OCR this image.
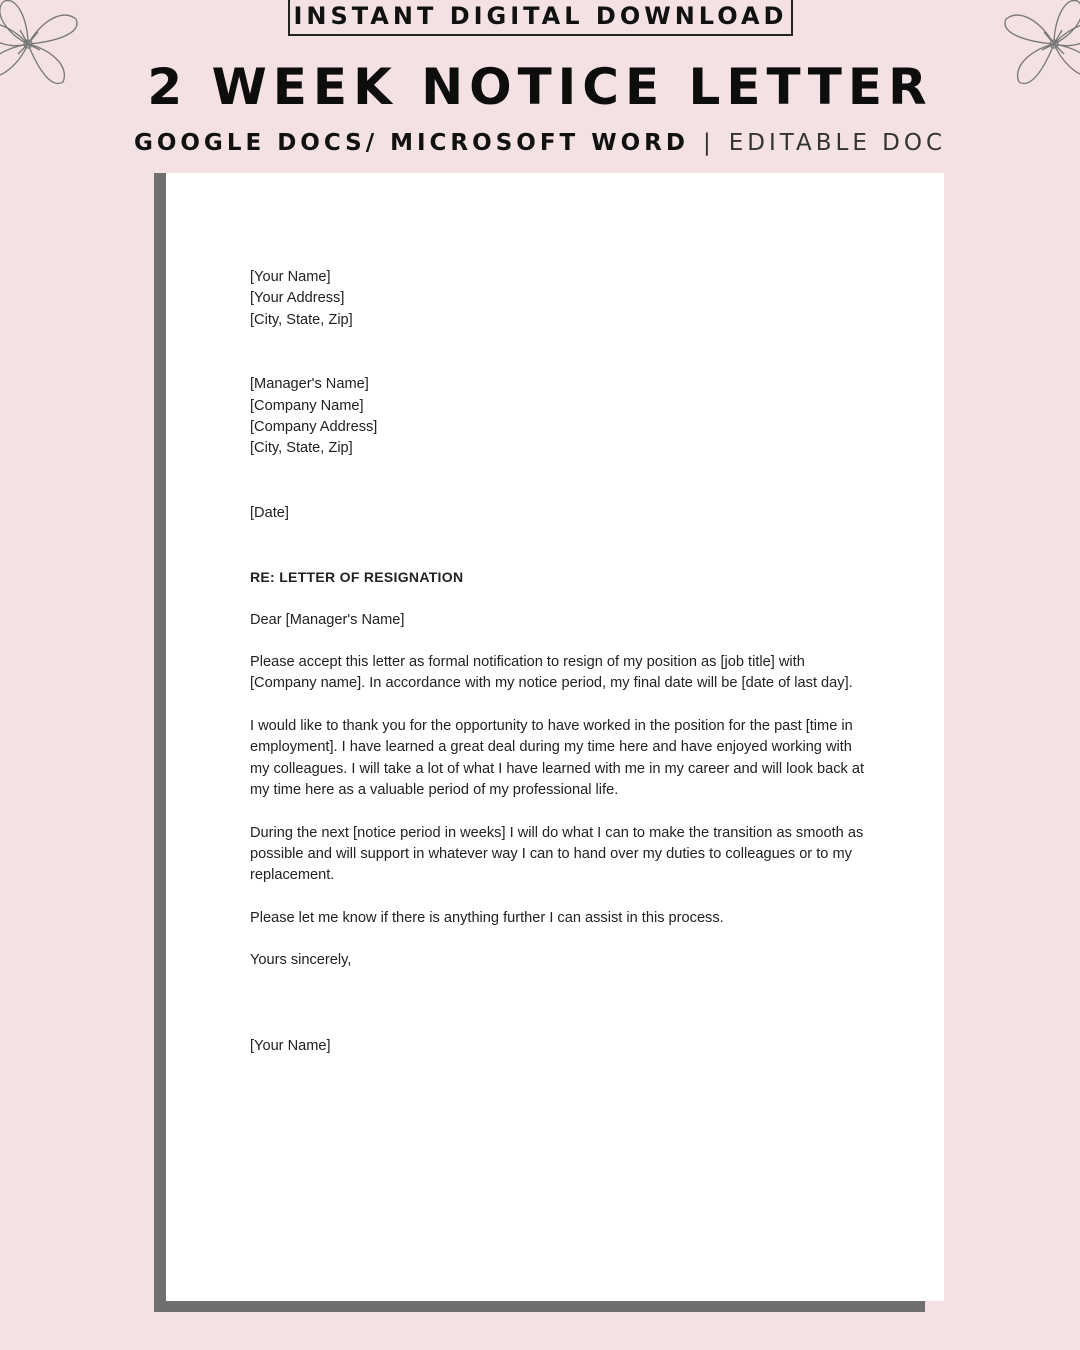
INSTANT DIGITAL DOWNLOAD
2 WEEK NOTICE LETTER
GOOGLE DOCS/ MICROSOFT WORD | EDITABLE DOC
[Your Name]
[Your Address]
[City, State, Zip]
[Manager's Name]
[Company Name]
[Company Address]
[City, State, Zip]

[Date]

RE: LETTER OF RESIGNATION

Dear [Manager's Name]

Please accept this letter as formal notification to resign of my position as [job title] with [Company name]. In accordance with my notice period, my final date will be [date of last day].

I would like to thank you for the opportunity to have worked in the position for the past [time in employment]. I have learned a great deal during my time here and have enjoyed working with my colleagues. I will take a lot of what I have learned with me in my career and will look back at my time here as a valuable period of my professional life.

During the next [notice period in weeks] I will do what I can to make the transition as smooth as possible and will support in whatever way I can to hand over my duties to colleagues or to my replacement.

Please let me know if there is anything further I can assist in this process.

Yours sincerely,

[Your Name]
